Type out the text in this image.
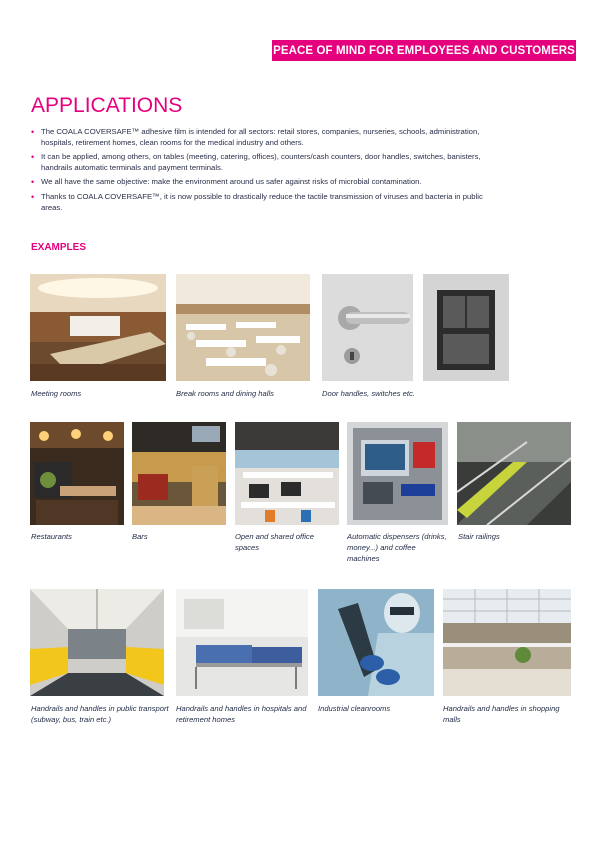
PEACE OF MIND FOR EMPLOYEES AND CUSTOMERS
APPLICATIONS
• The COALA COVERSAFE™ adhesive film is intended for all sectors: retail stores, companies, nurseries, schools, administration, hospitals, retirement homes, clean rooms for the medical industry and others.
• It can be applied, among others, on tables (meeting, catering, offices), counters/cash counters, door handles, switches, banisters, handrails automatic terminals and payment terminals.
• We all have the same objective: make the environment around us safer against risks of microbial contamination.
• Thanks to COALA COVERSAFE™, it is now possible to drastically reduce the tactile transmission of viruses and bacteria in public areas.
EXAMPLES
Meeting rooms	Break rooms and dining halls	Door handles, switches etc.
Restaurants	Bars	Open and shared office spaces
Automatic dispensers (drinks, money...) and coffee machines
Stair railings
Handrails and handles in public transport (subway, bus, train etc.)
Handrails and handles in hospitals and retirement homes
Industrial cleanrooms	Handrails and handles in shopping malls
